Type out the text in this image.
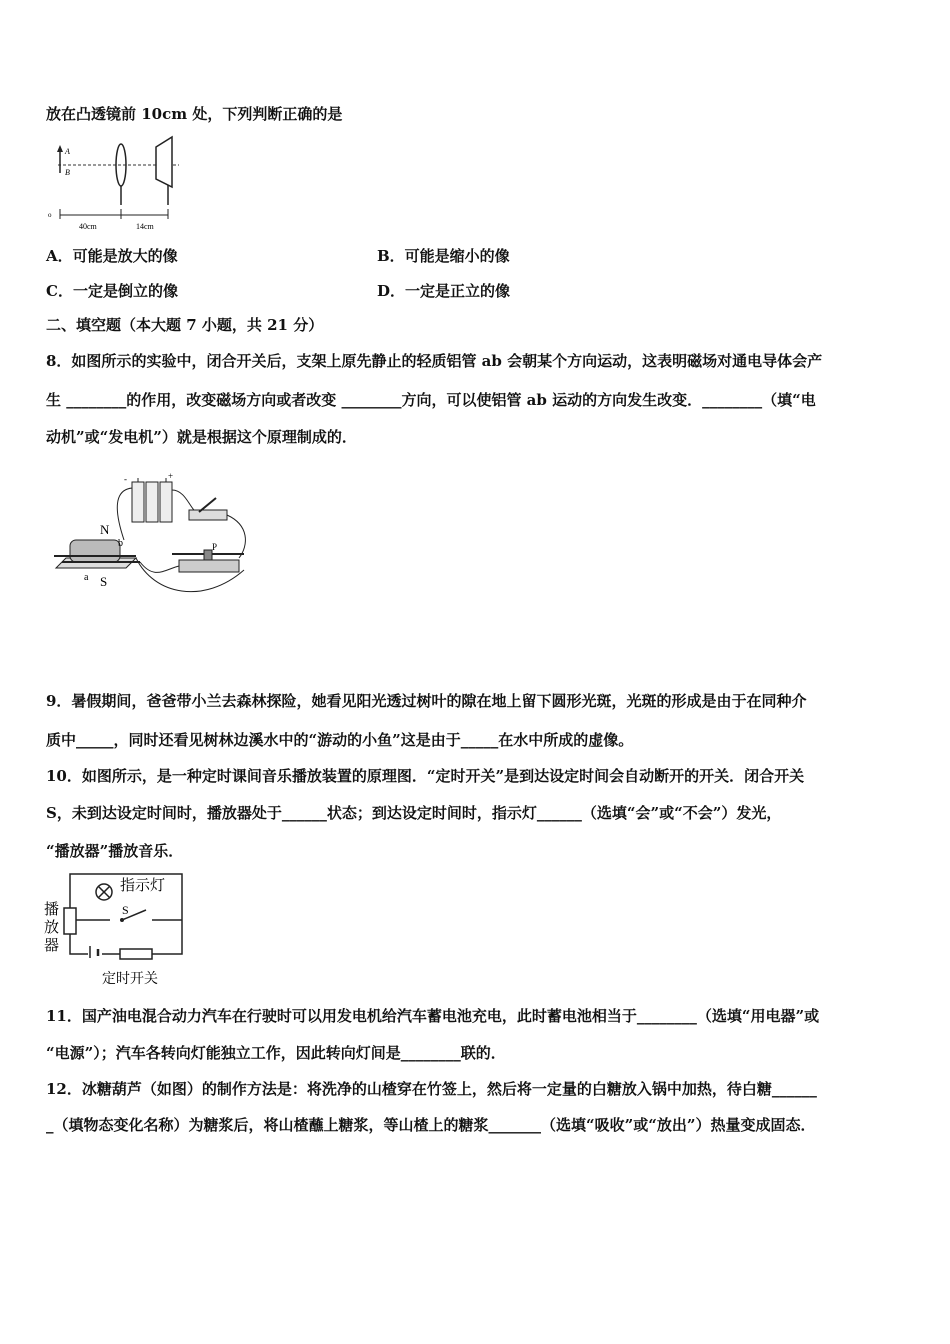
放在凸透镜前 10cm 处，下列判断正确的是
A
B
o
40cm	14cm
A．可能是放大的像	B．可能是缩小的像
C．一定是倒立的像	D．一定是正立的像
二、填空题（本大题 7 小题，共 21 分）
8．如图所示的实验中，闭合开关后，支架上原先静止的轻质铝管 ab 会朝某个方向运动，这表明磁场对通电导体会产
生 ________的作用，改变磁场方向或者改变 ________方向，可以使铝管 ab 运动的方向发生改变．________（填“电
动机”或“发电机”）就是根据这个原理制成的．
-	+
P
N
S
a
b
9．暑假期间，爸爸带小兰去森林探险，她看见阳光透过树叶的隙在地上留下圆形光斑，光斑的形成是由于在同种介
质中_____，同时还看见树林边溪水中的“游动的小鱼”这是由于_____在水中所成的虚像。
10．如图所示，是一种定时课间音乐播放装置的原理图．“定时开关”是到达设定时间会自动断开的开关．闭合开关
S，未到达设定时间时，播放器处于______状态；到达设定时间时，指示灯______（选填“会”或“不会”）发光，
“播放器”播放音乐．
指示灯
播
放
器
S
定时开关
11．国产油电混合动力汽车在行驶时可以用发电机给汽车蓄电池充电，此时蓄电池相当于________（选填“用电器”或
“电源”）；汽车各转向灯能独立工作，因此转向灯间是________联的．
12．冰糖葫芦（如图）的制作方法是：将洗净的山楂穿在竹签上，然后将一定量的白糖放入锅中加热，待白糖______
_（填物态变化名称）为糖浆后，将山楂蘸上糖浆，等山楂上的糖浆_______（选填“吸收”或“放出”）热量变成固态．
